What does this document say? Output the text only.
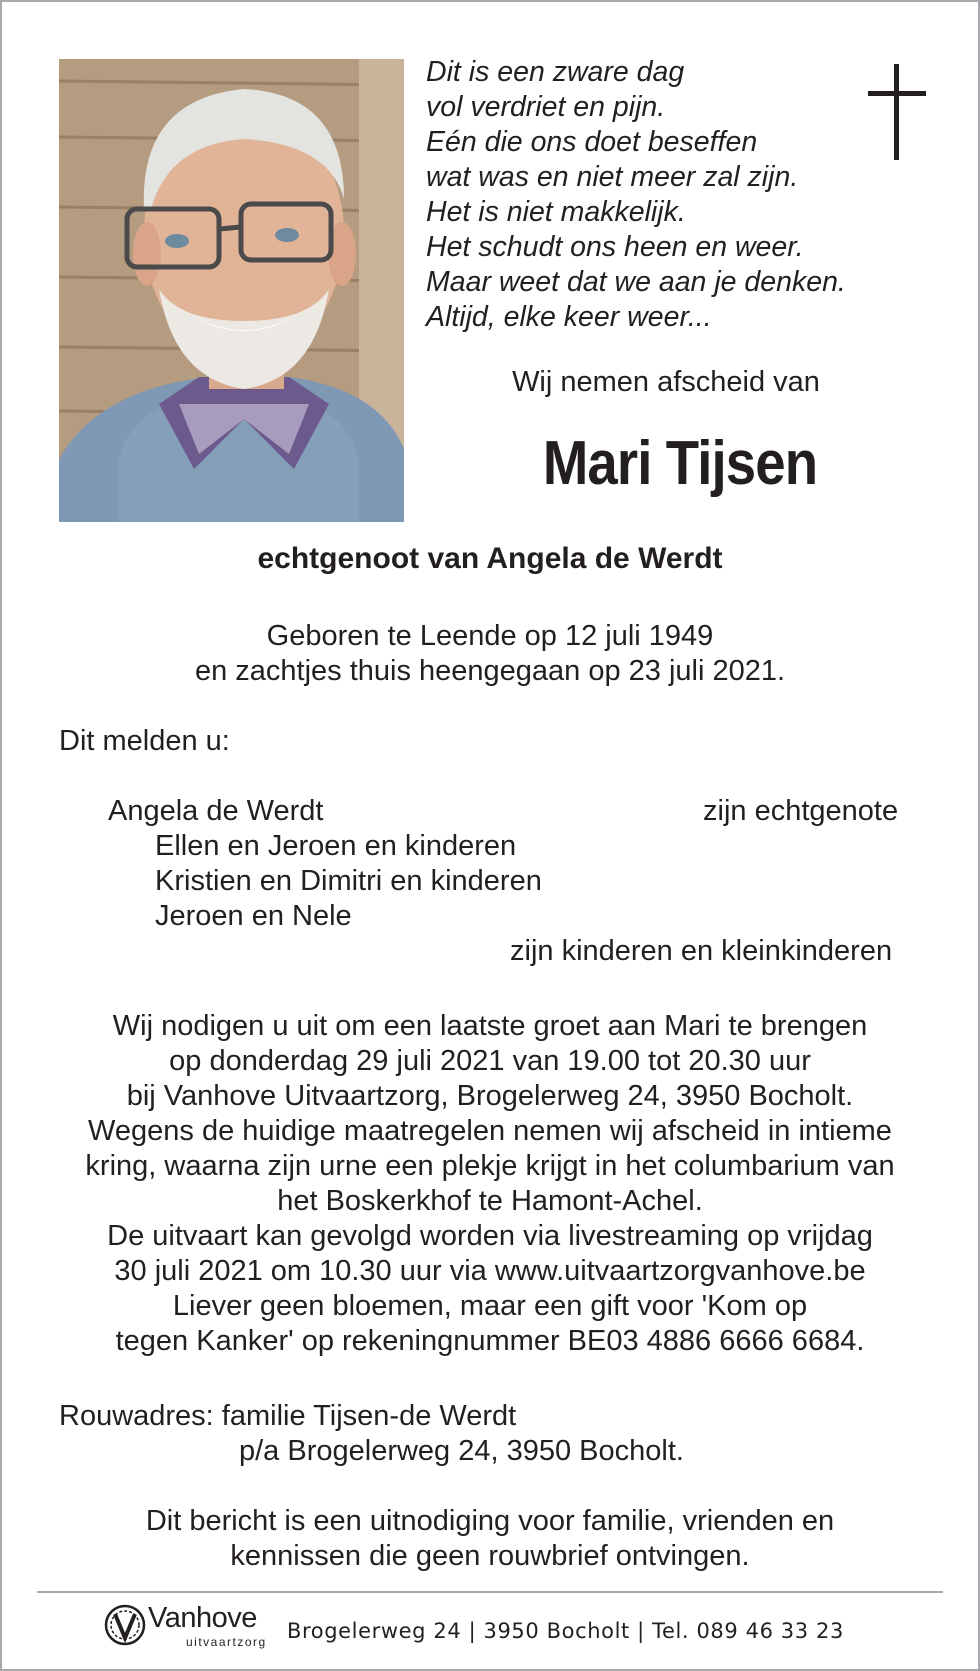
Dit is een zware dag
vol verdriet en pijn.
Eén die ons doet beseffen
wat was en niet meer zal zijn.
Het is niet makkelijk.
Het schudt ons heen en weer.
Maar weet dat we aan je denken.
Altijd, elke keer weer...
Wij nemen afscheid van
Mari Tijsen
echtgenoot van Angela de Werdt
Geboren te Leende op 12 juli 1949
en zachtjes thuis heengegaan op 23 juli 2021.
Dit melden u:
Angela de Werdt	zijn echtgenote
Ellen en Jeroen en kinderen
Kristien en Dimitri en kinderen
Jeroen en Nele
zijn kinderen en kleinkinderen
Wij nodigen u uit om een laatste groet aan Mari te brengen
op donderdag 29 juli 2021 van 19.00 tot 20.30 uur
bij Vanhove Uitvaartzorg, Brogelerweg 24, 3950 Bocholt.
Wegens de huidige maatregelen nemen wij afscheid in intieme
kring, waarna zijn urne een plekje krijgt in het columbarium van
het Boskerkhof te Hamont-Achel.
De uitvaart kan gevolgd worden via livestreaming op vrijdag
30 juli 2021 om 10.30 uur via www.uitvaartzorgvanhove.be
Liever geen bloemen, maar een gift voor 'Kom op
tegen Kanker' op rekeningnummer BE03 4886 6666 6684.
Rouwadres: familie Tijsen-de Werdt
p/a Brogelerweg 24, 3950 Bocholt.
Dit bericht is een uitnodiging voor familie, vrienden en
kennissen die geen rouwbrief ontvingen.
Vanhove
uitvaartzorg Brogelerweg 24 | 3950 Bocholt | Tel. 089 46 33 23
